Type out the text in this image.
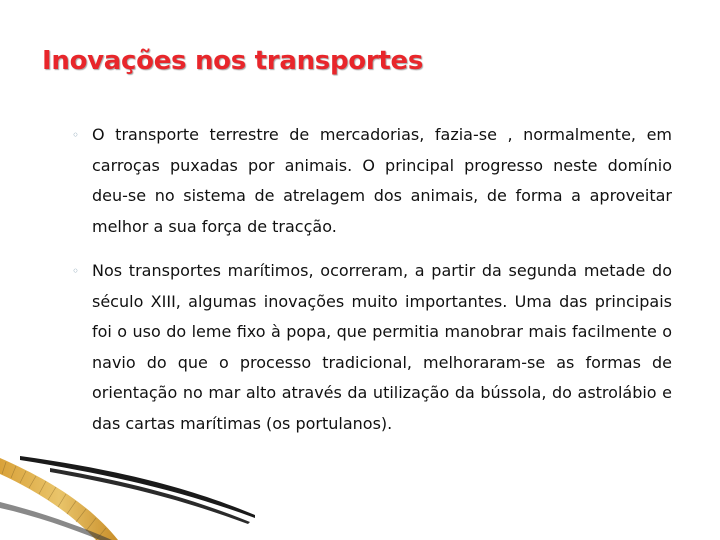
Inovações nos transportes

◦ O transporte terrestre de mercadorias, fazia-se , normalmente, em carroças puxadas por animais. O principal progresso neste domínio deu-se no sistema de atrelagem dos animais, de forma a aproveitar melhor a sua força de tracção.

◦ Nos transportes marítimos, ocorreram, a partir da segunda metade do século XIII, algumas inovações muito importantes. Uma das principais foi o uso do leme fixo à popa, que permitia manobrar mais facilmente o navio do que o processo tradicional, melhoraram-se as formas de orientação no mar alto através da utilização da bússola, do astrolábio e das cartas marítimas (os portulanos).
